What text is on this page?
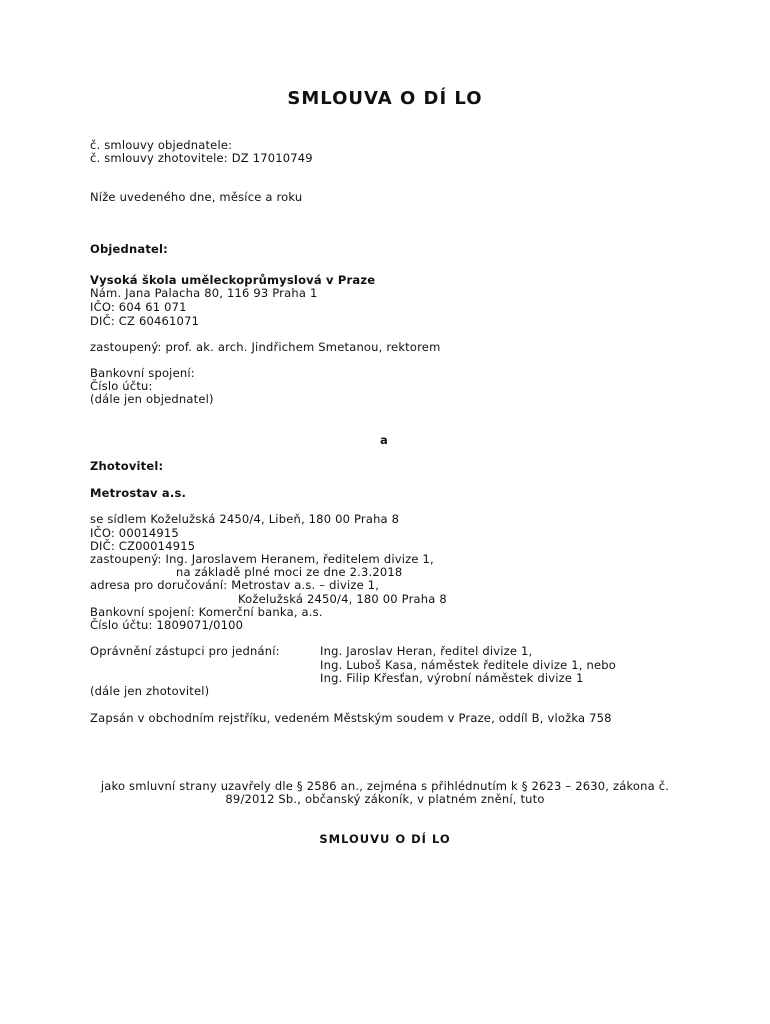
SMLOUVA O DÍ LO
č. smlouvy objednatele:
č. smlouvy zhotovitele: DZ 17010749
Níže uvedeného dne, měsíce a roku
Objednatel:
Vysoká škola uměleckoprůmyslová v Praze
Nám. Jana Palacha 80, 116 93 Praha 1
IČO: 604 61 071
DIČ: CZ 60461071
zastoupený: prof. ak. arch. Jindřichem Smetanou, rektorem
Bankovní spojení:
Číslo účtu:
(dále jen objednatel)
a
Zhotovitel:
Metrostav a.s.
se sídlem Koželužská 2450/4, Libeň, 180 00 Praha 8
IČO: 00014915
DIČ: CZ00014915
zastoupený: Ing. Jaroslavem Heranem, ředitelem divize 1,
na základě plné moci ze dne 2.3.2018
adresa pro doručování: Metrostav a.s. – divize 1,
Koželužská 2450/4, 180 00 Praha 8
Bankovní spojení: Komerční banka, a.s.
Číslo účtu: 1809071/0100
Oprávnění zástupci pro jednání:	Ing. Jaroslav Heran, ředitel divize 1,
Ing. Luboš Kasa, náměstek ředitele divize 1, nebo
Ing. Filip Křesťan, výrobní náměstek divize 1
(dále jen zhotovitel)
Zapsán v obchodním rejstříku, vedeném Městským soudem v Praze, oddíl B, vložka 758
jako smluvní strany uzavřely dle § 2586 an., zejména s přihlédnutím k § 2623 – 2630, zákona č.
89/2012 Sb., občanský zákoník, v platném znění, tuto
SMLOUVU O DÍ LO
